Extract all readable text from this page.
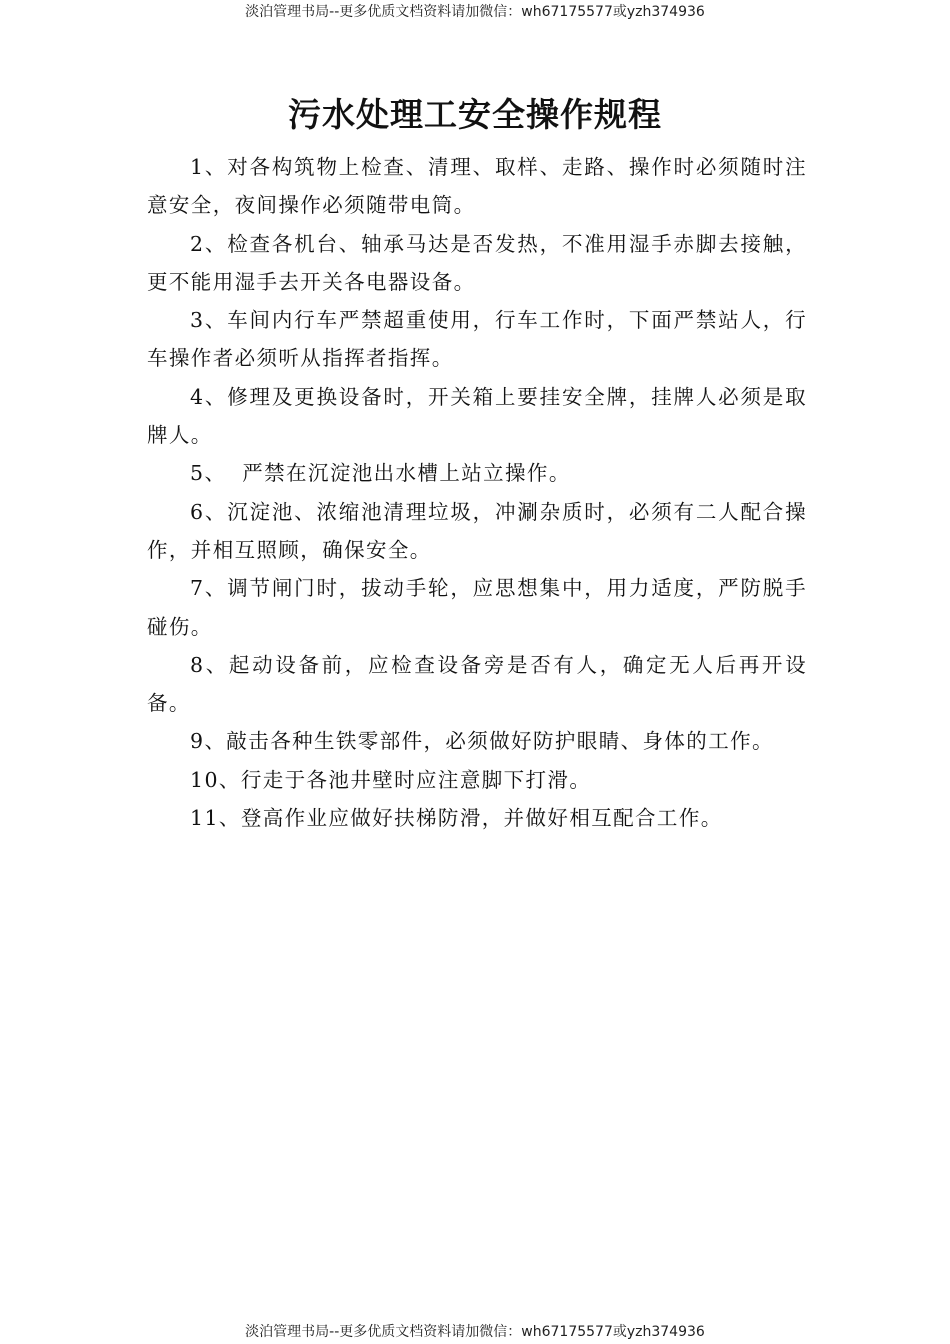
淡泊管理书局--更多优质文档资料请加微信：wh67175577或yzh374936
污水处理工安全操作规程

1、对各构筑物上检查、清理、取样、走路、操作时必须随时注意安全，夜间操作必须随带电筒。

2、检查各机台、轴承马达是否发热，不准用湿手赤脚去接触，更不能用湿手去开关各电器设备。

3、车间内行车严禁超重使用，行车工作时，下面严禁站人，行车操作者必须听从指挥者指挥。

4、修理及更换设备时，开关箱上要挂安全牌，挂牌人必须是取牌人。

5、  严禁在沉淀池出水槽上站立操作。

6、沉淀池、浓缩池清理垃圾，冲涮杂质时，必须有二人配合操作，并相互照顾，确保安全。

7、调节闸门时，拔动手轮，应思想集中，用力适度，严防脱手碰伤。

8、起动设备前，应检查设备旁是否有人，确定无人后再开设备。

9、敲击各种生铁零部件，必须做好防护眼睛、身体的工作。

10、行走于各池井壁时应注意脚下打滑。

11、登高作业应做好扶梯防滑，并做好相互配合工作。

淡泊管理书局--更多优质文档资料请加微信：wh67175577或yzh374936
